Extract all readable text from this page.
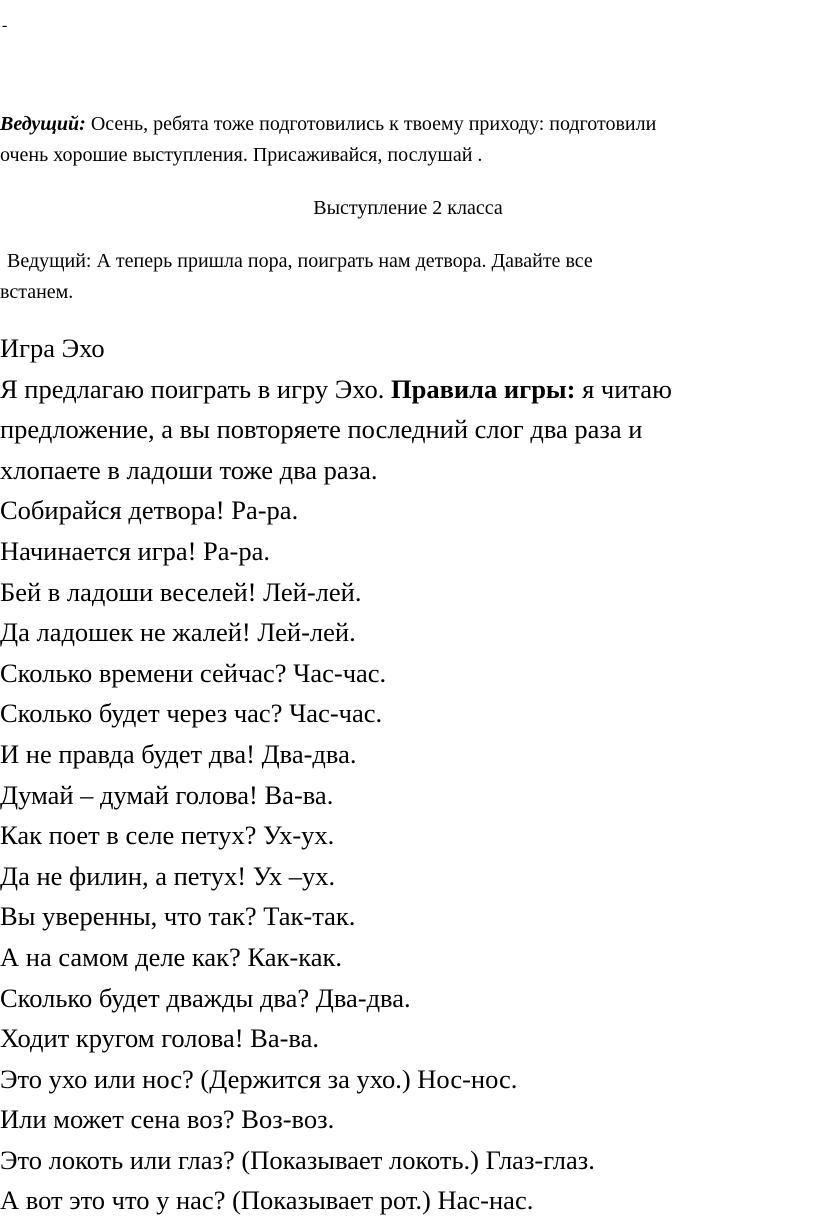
-

Ведущий: Осень, ребята тоже подготовились к твоему приходу: подготовили
очень хорошие выступления. Присаживайся, послушай .

Выступление 2 класса

Ведущий: А теперь пришла пора, поиграть нам детвора. Давайте все
встанем.

Игра Эхо
Я предлагаю поиграть в игру Эхо. Правила игры: я читаю
предложение, а вы повторяете последний слог два раза и
хлопаете в ладоши тоже два раза.
Собирайся детвора! Ра-ра.
Начинается игра! Ра-ра.
Бей в ладоши веселей! Лей-лей.
Да ладошек не жалей! Лей-лей.
Сколько времени сейчас? Час-час.
Сколько будет через час? Час-час.
И не правда будет два! Два-два.
Думай – думай голова! Ва-ва.
Как поет в селе петух? Ух-ух.
Да не филин, а петух! Ух –ух.
Вы уверенны, что так? Так-так.
А на самом деле как? Как-как.
Сколько будет дважды два? Два-два.
Ходит кругом голова! Ва-ва.
Это ухо или нос? (Держится за ухо.) Нос-нос.
Или может сена воз? Воз-воз.
Это локоть или глаз? (Показывает локоть.) Глаз-глаз.
А вот это что у нас? (Показывает рот.) Нас-нас.
